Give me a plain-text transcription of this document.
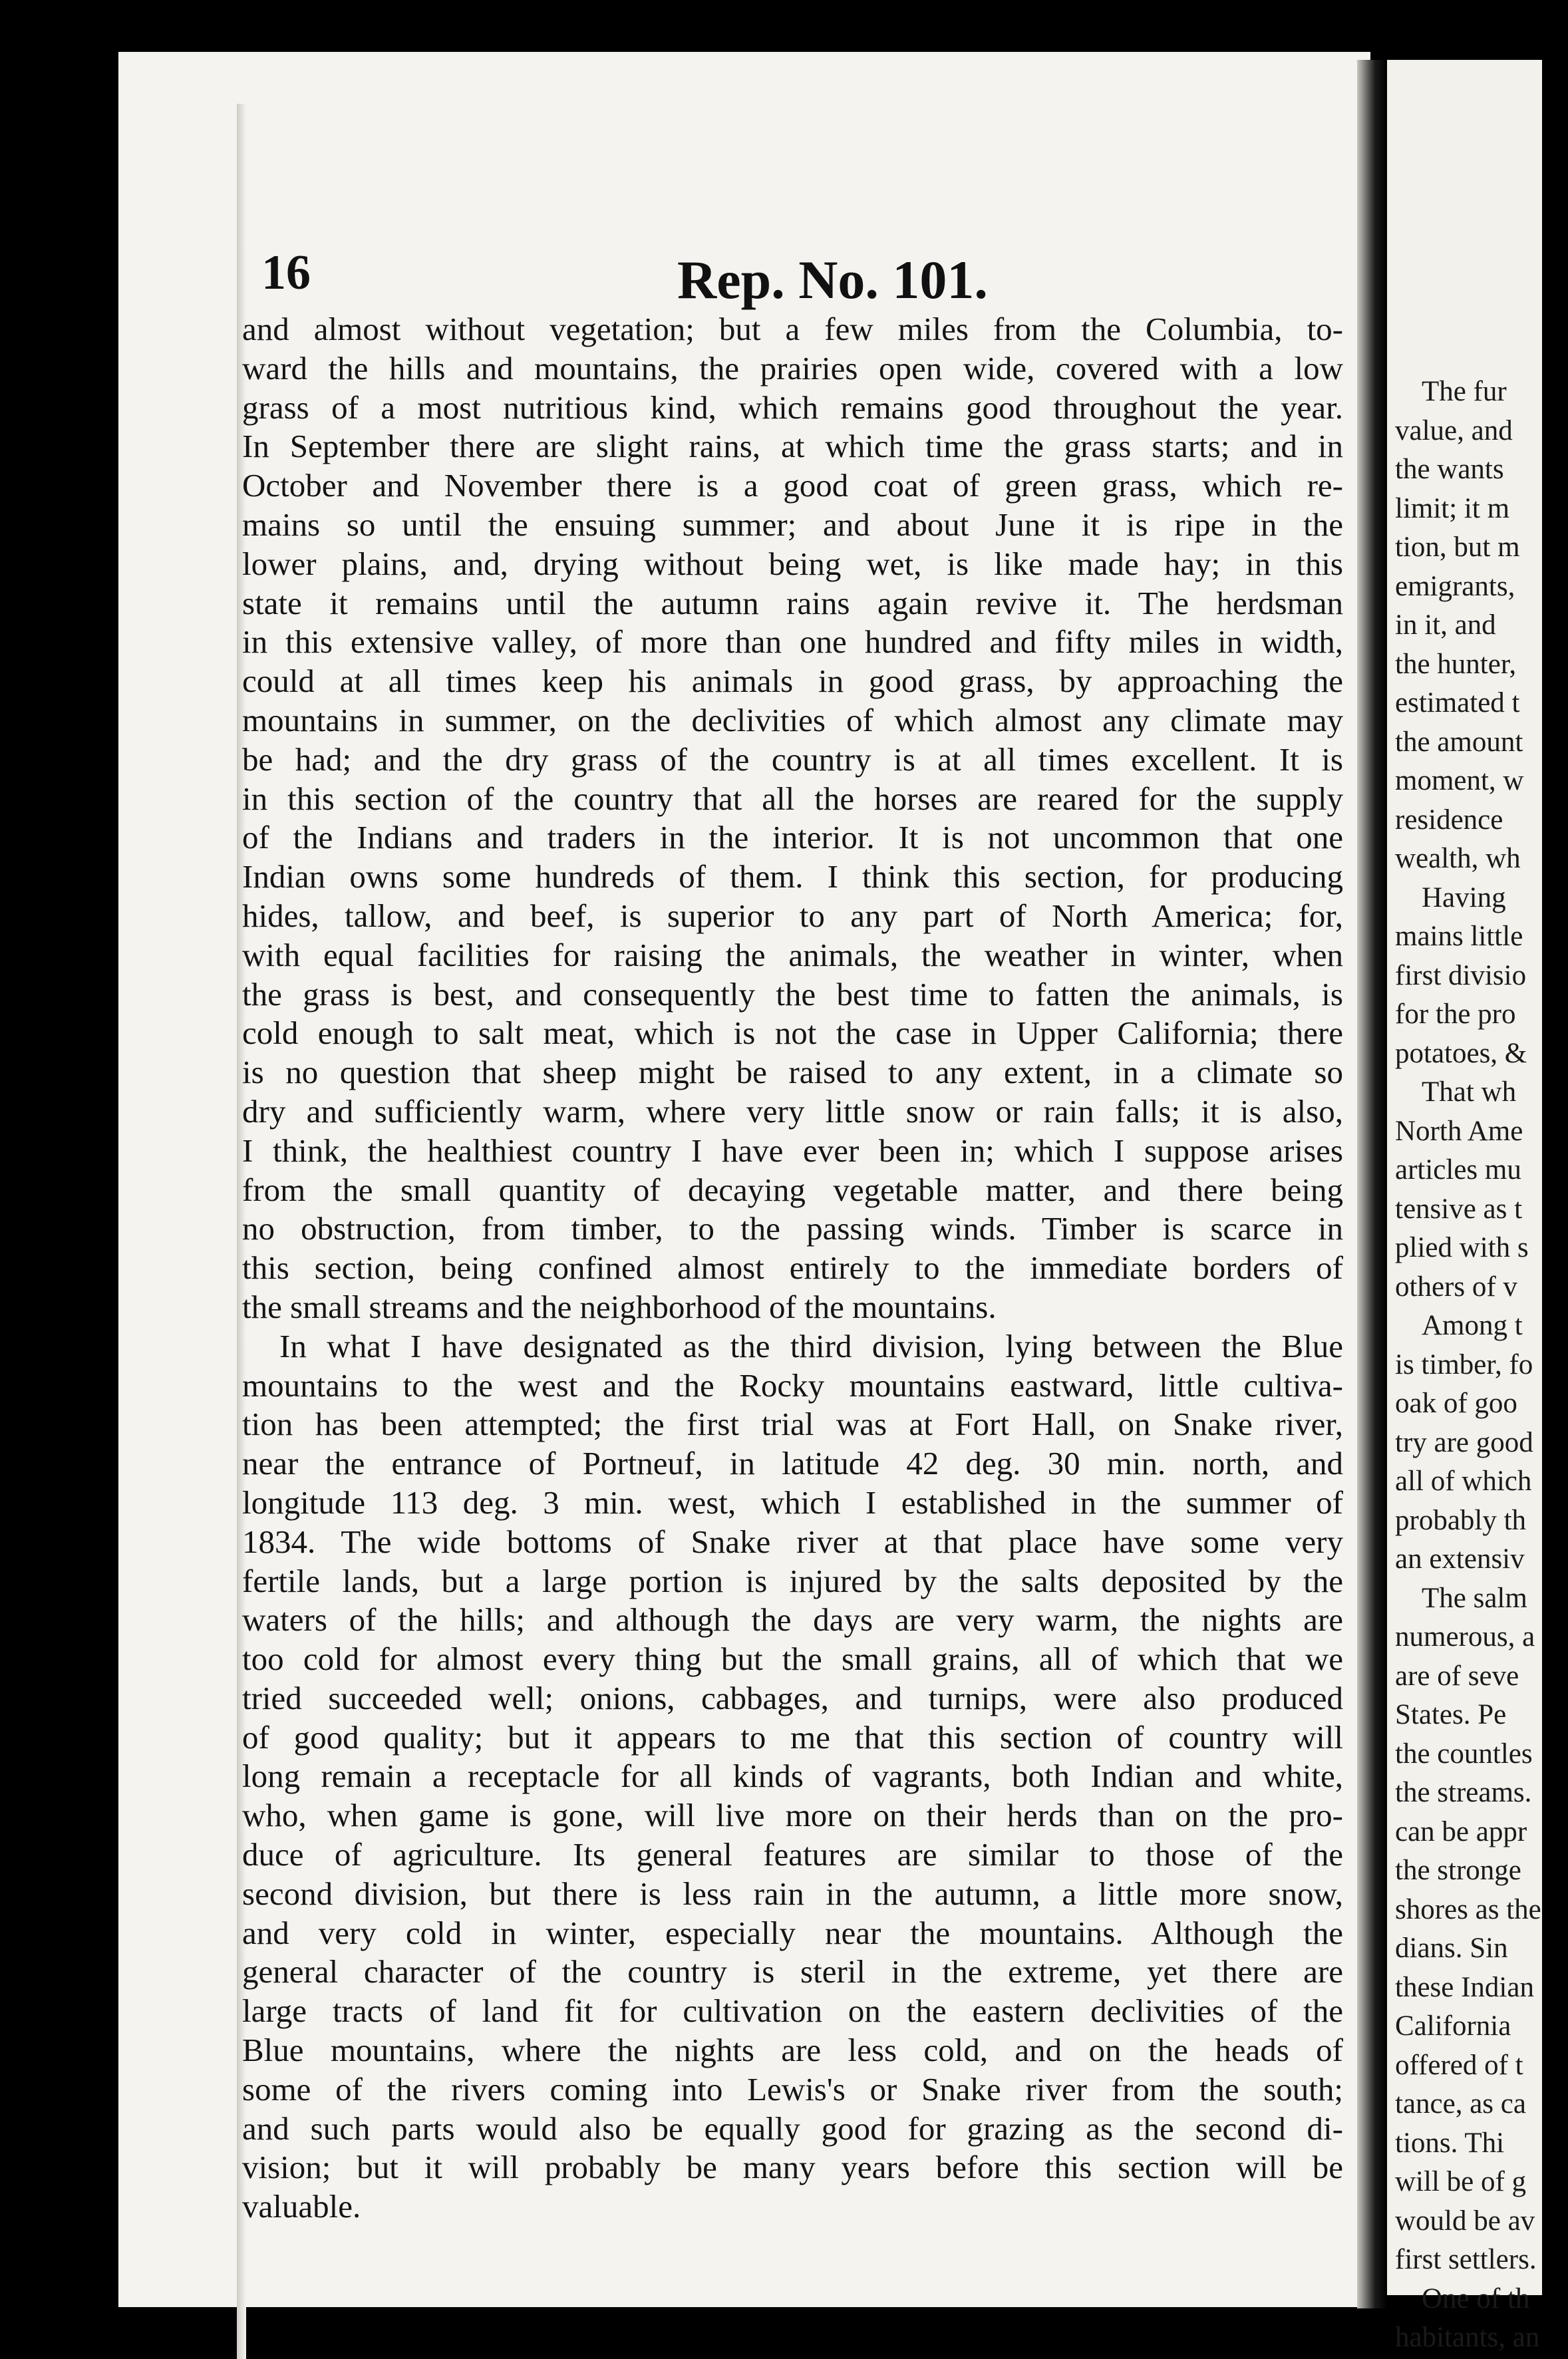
16	Rep. No. 101.
and almost without vegetation; but a few miles from the Columbia, to-
ward the hills and mountains, the prairies open wide, covered with a low
grass of a most nutritious kind, which remains good throughout the year.
In September there are slight rains, at which time the grass starts; and in
October and November there is a good coat of green grass, which re-
mains so until the ensuing summer; and about June it is ripe in the
lower plains, and, drying without being wet, is like made hay; in this
state it remains until the autumn rains again revive it. The herdsman
in this extensive valley, of more than one hundred and fifty miles in width,
could at all times keep his animals in good grass, by approaching the
mountains in summer, on the declivities of which almost any climate may
be had; and the dry grass of the country is at all times excellent. It is
in this section of the country that all the horses are reared for the supply
of the Indians and traders in the interior. It is not uncommon that one
Indian owns some hundreds of them. I think this section, for producing
hides, tallow, and beef, is superior to any part of North America; for,
with equal facilities for raising the animals, the weather in winter, when
the grass is best, and consequently the best time to fatten the animals, is
cold enough to salt meat, which is not the case in Upper California; there
is no question that sheep might be raised to any extent, in a climate so
dry and sufficiently warm, where very little snow or rain falls; it is also,
I think, the healthiest country I have ever been in; which I suppose arises
from the small quantity of decaying vegetable matter, and there being
no obstruction, from timber, to the passing winds. Timber is scarce in
this section, being confined almost entirely to the immediate borders of
the small streams and the neighborhood of the mountains.
In what I have designated as the third division, lying between the Blue
mountains to the west and the Rocky mountains eastward, little cultiva-
tion has been attempted; the first trial was at Fort Hall, on Snake river,
near the entrance of Portneuf, in latitude 42 deg. 30 min. north, and
longitude 113 deg. 3 min. west, which I established in the summer of
1834. The wide bottoms of Snake river at that place have some very
fertile lands, but a large portion is injured by the salts deposited by the
waters of the hills; and although the days are very warm, the nights are
too cold for almost every thing but the small grains, all of which that we
tried succeeded well; onions, cabbages, and turnips, were also produced
of good quality; but it appears to me that this section of country will
long remain a receptacle for all kinds of vagrants, both Indian and white,
who, when game is gone, will live more on their herds than on the pro-
duce of agriculture. Its general features are similar to those of the
second division, but there is less rain in the autumn, a little more snow,
and very cold in winter, especially near the mountains. Although the
general character of the country is steril in the extreme, yet there are
large tracts of land fit for cultivation on the eastern declivities of the
Blue mountains, where the nights are less cold, and on the heads of
some of the rivers coming into Lewis's or Snake river from the south;
and such parts would also be equally good for grazing as the second di-
vision; but it will probably be many years before this section will be
valuable.
The fur
value, and
the wants
limit; it m
tion, but m
emigrants,
in it, and
the hunter,
estimated t
the amount
moment, w
residence
wealth, wh
Having
mains little
first divisio
for the pro
potatoes, &
That wh
North Ame
articles mu
tensive as t
plied with s
others of v
Among t
is timber, fo
oak of goo
try are good
all of which
probably th
an extensiv
The salm
numerous, a
are of seve
States. Pe
the countles
the streams.
can be appr
the stronge
shores as the
dians. Sin
these Indian
California
offered of t
tance, as ca
tions. Thi
will be of g
would be av
first settlers.
One of th
habitants, an
